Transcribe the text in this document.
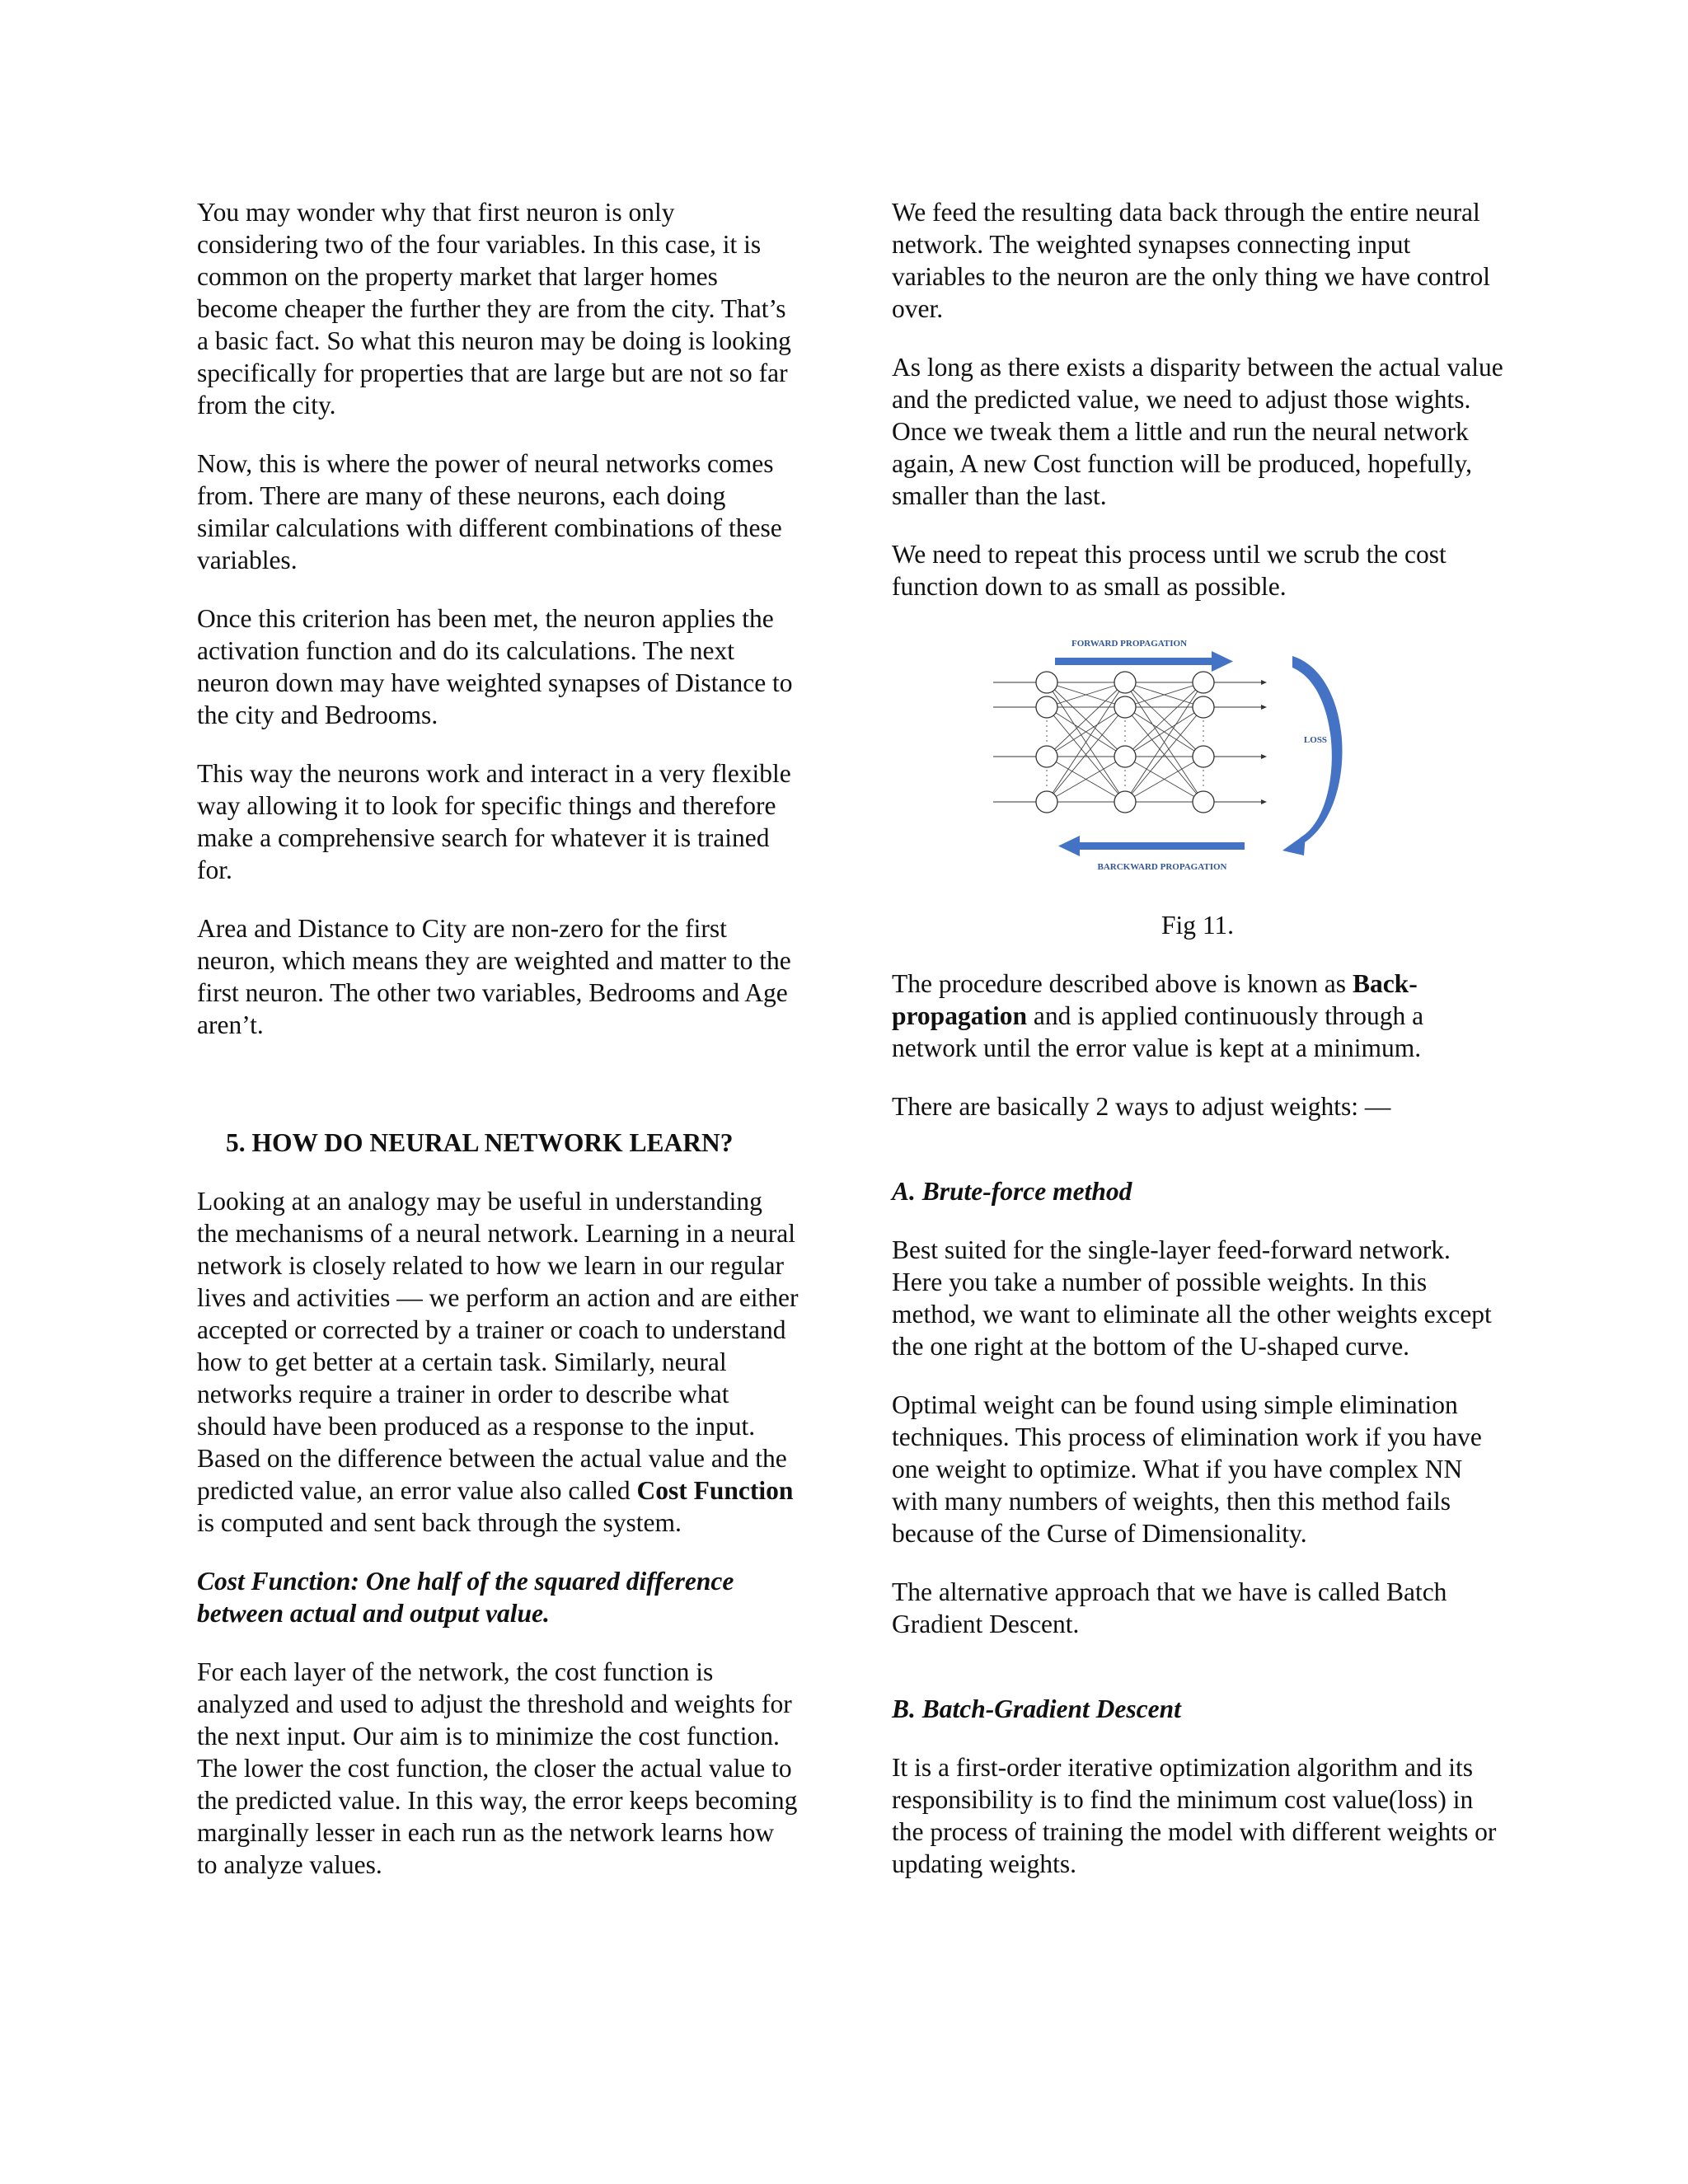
You may wonder why that first neuron is only considering two of the four variables. In this case, it is common on the property market that larger homes become cheaper the further they are from the city. That’s a basic fact. So what this neuron may be doing is looking specifically for properties that are large but are not so far from the city.

Now, this is where the power of neural networks comes from. There are many of these neurons, each doing similar calculations with different combinations of these variables.

Once this criterion has been met, the neuron applies the activation function and do its calculations. The next neuron down may have weighted synapses of Distance to the city and Bedrooms.

This way the neurons work and interact in a very flexible way allowing it to look for specific things and therefore make a comprehensive search for whatever it is trained for.

Area and Distance to City are non-zero for the first neuron, which means they are weighted and matter to the first neuron. The other two variables, Bedrooms and Age aren’t.

5. HOW DO NEURAL NETWORK LEARN?

Looking at an analogy may be useful in understanding the mechanisms of a neural network. Learning in a neural network is closely related to how we learn in our regular lives and activities — we perform an action and are either accepted or corrected by a trainer or coach to understand how to get better at a certain task. Similarly, neural networks require a trainer in order to describe what should have been produced as a response to the input. Based on the difference between the actual value and the predicted value, an error value also called Cost Function is computed and sent back through the system.

Cost Function: One half of the squared difference between actual and output value.

For each layer of the network, the cost function is analyzed and used to adjust the threshold and weights for the next input. Our aim is to minimize the cost function. The lower the cost function, the closer the actual value to the predicted value. In this way, the error keeps becoming marginally lesser in each run as the network learns how to analyze values.

We feed the resulting data back through the entire neural network. The weighted synapses connecting input variables to the neuron are the only thing we have control over.

As long as there exists a disparity between the actual value and the predicted value, we need to adjust those wights. Once we tweak them a little and run the neural network again, A new Cost function will be produced, hopefully, smaller than the last.

We need to repeat this process until we scrub the cost function down to as small as possible.

Fig 11.

The procedure described above is known as Back-propagation and is applied continuously through a network until the error value is kept at a minimum.

There are basically 2 ways to adjust weights: —

A. Brute-force method

Best suited for the single-layer feed-forward network. Here you take a number of possible weights. In this method, we want to eliminate all the other weights except the one right at the bottom of the U-shaped curve.

Optimal weight can be found using simple elimination techniques. This process of elimination work if you have one weight to optimize. What if you have complex NN with many numbers of weights, then this method fails because of the Curse of Dimensionality.

The alternative approach that we have is called Batch Gradient Descent.

B. Batch-Gradient Descent

It is a first-order iterative optimization algorithm and its responsibility is to find the minimum cost value(loss) in the process of training the model with different weights or updating weights.

FORWARD PROPAGATION
BARCKWARD PROPAGATION
LOSS
